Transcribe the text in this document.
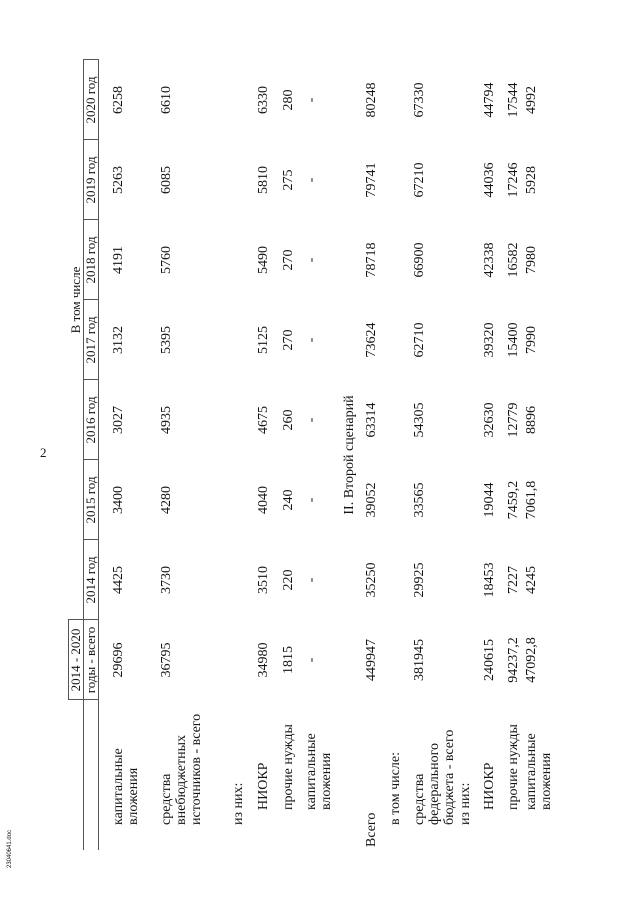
2
23040641.doc
	2014 - 2020				В том числе			
	годы - всего	2014 год	2015 год	2016 год	2017 год	2018 год	2019 год	2020 год
капитальные вложения	29696	4425	3400	3027	3132	4191	5263	6258
средства внебюджетных источников - всего	36795	3730	4280	4935	5395	5760	6085	6610
из них:								
НИОКР	34980	3510	4040	4675	5125	5490	5810	6330
прочие нужды	1815	220	240	260	270	270	275	280
капитальные вложения	-	-	-	-	-	-	-	-
II. Второй сценарий								
Всего	449947	35250	39052	63314	73624	78718	79741	80248
в том числе:								
средства федерального бюджета - всего	381945	29925	33565	54305	62710	66900	67210	67330
из них:								
НИОКР	240615	18453	19044	32630	39320	42338	44036	44794
прочие нужды	94237,2	7227	7459,2	12779	15400	16582	17246	17544
капитальные вложения	47092,8	4245	7061,8	8896	7990	7980	5928	4992
